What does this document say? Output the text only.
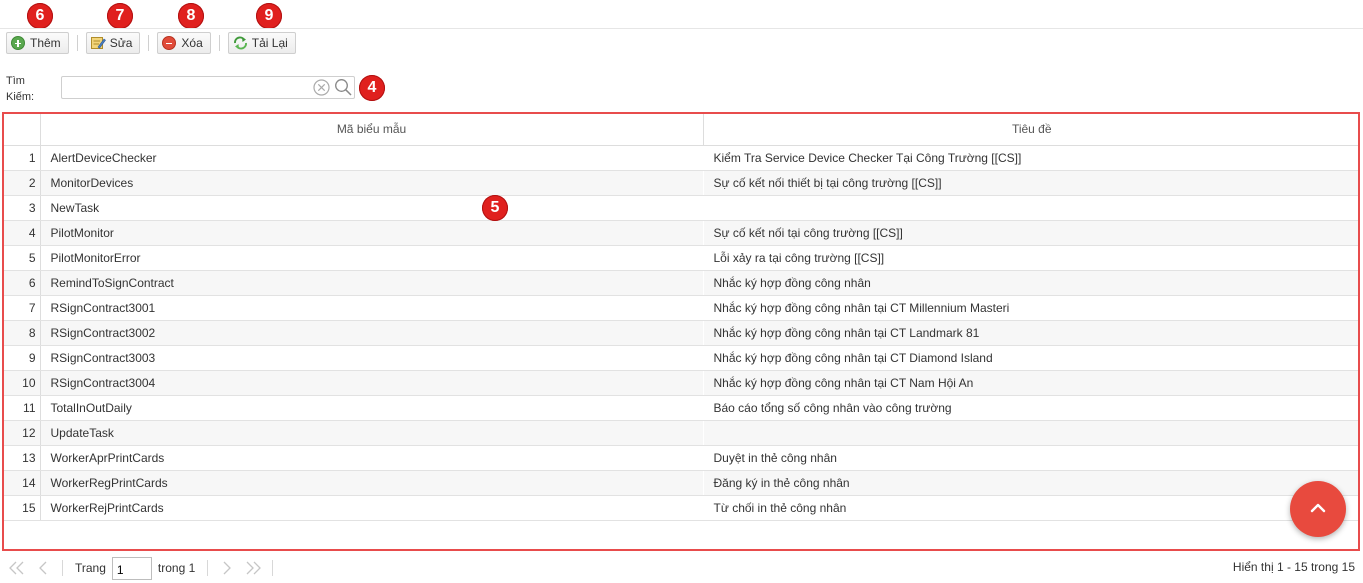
6	7	8	9
4
5
Thêm	Sửa	Xóa	Tải Lại
Tìm
Kiếm:
	Mã biểu mẫu	Tiêu đề
1	AlertDeviceChecker	Kiểm Tra Service Device Checker Tại Công Trường [[CS]]
2	MonitorDevices	Sự cố kết nối thiết bị tại công trường [[CS]]
3	NewTask	
4	PilotMonitor	Sự cố kết nối tại công trường [[CS]]
5	PilotMonitorError	Lỗi xảy ra tại công trường [[CS]]
6	RemindToSignContract	Nhắc ký hợp đồng công nhân
7	RSignContract3001	Nhắc ký hợp đồng công nhân tại CT Millennium Masteri
8	RSignContract3002	Nhắc ký hợp đồng công nhân tại CT Landmark 81
9	RSignContract3003	Nhắc ký hợp đồng công nhân tại CT Diamond Island
10	RSignContract3004	Nhắc ký hợp đồng công nhân tại CT Nam Hội An
11	TotalInOutDaily	Báo cáo tổng số công nhân vào công trường
12	UpdateTask	
13	WorkerAprPrintCards	Duyệt in thẻ công nhân
14	WorkerRegPrintCards	Đăng ký in thẻ công nhân
15	WorkerRejPrintCards	Từ chối in thẻ công nhân
Trang
1	trong 1	Hiển thị 1 - 15 trong 15
